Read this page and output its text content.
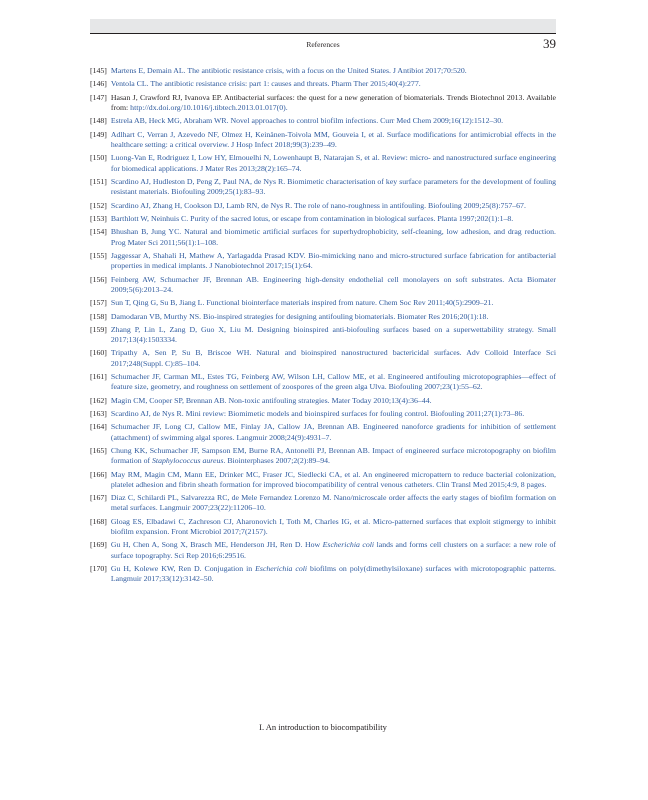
References	39
[145] Martens E, Demain AL. The antibiotic resistance crisis, with a focus on the United States. J Antibiot 2017;70:520.
[146] Ventola CL. The antibiotic resistance crisis: part 1: causes and threats. Pharm Ther 2015;40(4):277.
[147] Hasan J, Crawford RJ, Ivanova EP. Antibacterial surfaces: the quest for a new generation of biomaterials. Trends Biotechnol 2013. Available from: http://dx.doi.org/10.1016/j.tibtech.2013.01.017(0).
[148] Estrela AB, Heck MG, Abraham WR. Novel approaches to control biofilm infections. Curr Med Chem 2009;16(12):1512–30.
[149] Adlhart C, Verran J, Azevedo NF, Olmez H, Keinänen-Toivola MM, Gouveia I, et al. Surface modifications for antimicrobial effects in the healthcare setting: a critical overview. J Hosp Infect 2018;99(3):239–49.
[150] Luong-Van E, Rodriguez I, Low HY, Elmouelhi N, Lowenhaupt B, Natarajan S, et al. Review: micro- and nanostructured surface engineering for biomedical applications. J Mater Res 2013;28(2):165–74.
[151] Scardino AJ, Hudleston D, Peng Z, Paul NA, de Nys R. Biomimetic characterisation of key surface parameters for the development of fouling resistant materials. Biofouling 2009;25(1):83–93.
[152] Scardino AJ, Zhang H, Cookson DJ, Lamb RN, de Nys R. The role of nano-roughness in antifouling. Biofouling 2009;25(8):757–67.
[153] Barthlott W, Neinhuis C. Purity of the sacred lotus, or escape from contamination in biological surfaces. Planta 1997;202(1):1–8.
[154] Bhushan B, Jung YC. Natural and biomimetic artificial surfaces for superhydrophobicity, self-cleaning, low adhesion, and drag reduction. Prog Mater Sci 2011;56(1):1–108.
[155] Jaggessar A, Shahali H, Mathew A, Yarlagadda Prasad KDV. Bio-mimicking nano and micro-structured surface fabrication for antibacterial properties in medical implants. J Nanobiotechnol 2017;15(1):64.
[156] Feinberg AW, Schumacher JF, Brennan AB. Engineering high-density endothelial cell monolayers on soft substrates. Acta Biomater 2009;5(6):2013–24.
[157] Sun T, Qing G, Su B, Jiang L. Functional biointerface materials inspired from nature. Chem Soc Rev 2011;40(5):2909–21.
[158] Damodaran VB, Murthy NS. Bio-inspired strategies for designing antifouling biomaterials. Biomater Res 2016;20(1):18.
[159] Zhang P, Lin L, Zang D, Guo X, Liu M. Designing bioinspired anti-biofouling surfaces based on a superwettability strategy. Small 2017;13(4):1503334.
[160] Tripathy A, Sen P, Su B, Briscoe WH. Natural and bioinspired nanostructured bactericidal surfaces. Adv Colloid Interface Sci 2017;248(Suppl. C):85–104.
[161] Schumacher JF, Carman ML, Estes TG, Feinberg AW, Wilson LH, Callow ME, et al. Engineered antifouling microtopographies—effect of feature size, geometry, and roughness on settlement of zoospores of the green alga Ulva. Biofouling 2007;23(1):55–62.
[162] Magin CM, Cooper SP, Brennan AB. Non-toxic antifouling strategies. Mater Today 2010;13(4):36–44.
[163] Scardino AJ, de Nys R. Mini review: Biomimetic models and bioinspired surfaces for fouling control. Biofouling 2011;27(1):73–86.
[164] Schumacher JF, Long CJ, Callow ME, Finlay JA, Callow JA, Brennan AB. Engineered nanoforce gradients for inhibition of settlement (attachment) of swimming algal spores. Langmuir 2008;24(9):4931–7.
[165] Chung KK, Schumacher JF, Sampson EM, Burne RA, Antonelli PJ, Brennan AB. Impact of engineered surface microtopography on biofilm formation of Staphylococcus aureus. Biointerphases 2007;2(2):89–94.
[166] May RM, Magin CM, Mann EE, Drinker MC, Fraser JC, Siedlecki CA, et al. An engineered micropattern to reduce bacterial colonization, platelet adhesion and fibrin sheath formation for improved biocompatibility of central venous catheters. Clin Transl Med 2015;4:9, 8 pages.
[167] Diaz C, Schilardi PL, Salvarezza RC, de Mele Fernandez Lorenzo M. Nano/microscale order affects the early stages of biofilm formation on metal surfaces. Langmuir 2007;23(22):11206–10.
[168] Gloag ES, Elbadawi C, Zachreson CJ, Aharonovich I, Toth M, Charles IG, et al. Micro-patterned surfaces that exploit stigmergy to inhibit biofilm expansion. Front Microbiol 2017;7(2157).
[169] Gu H, Chen A, Song X, Brasch ME, Henderson JH, Ren D. How Escherichia coli lands and forms cell clusters on a surface: a new role of surface topography. Sci Rep 2016;6:29516.
[170] Gu H, Kolewe KW, Ren D. Conjugation in Escherichia coli biofilms on poly(dimethylsiloxane) surfaces with microtopographic patterns. Langmuir 2017;33(12):3142–50.
I. An introduction to biocompatibility
